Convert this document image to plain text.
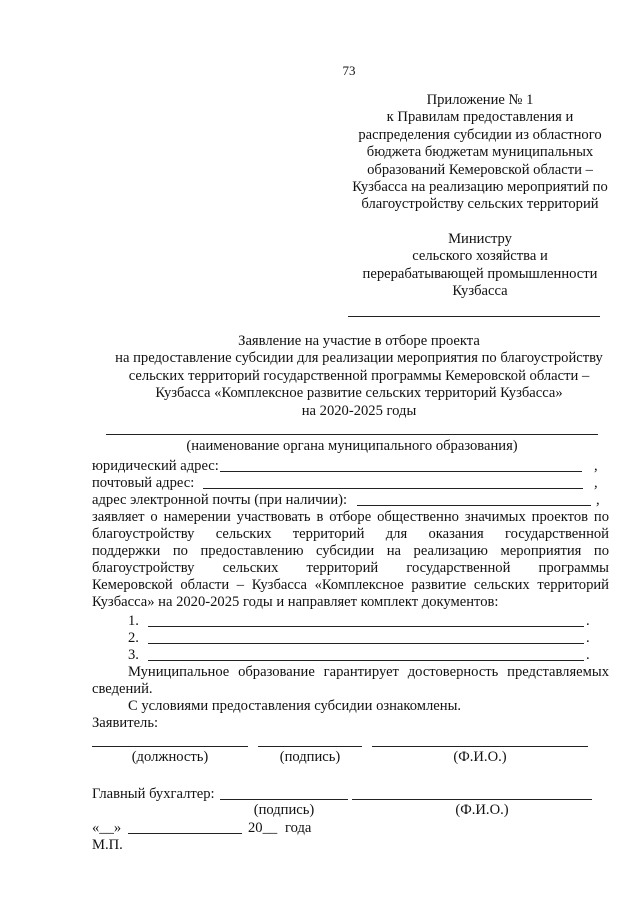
73
Приложение № 1
к Правилам предоставления и
распределения субсидии из областного
бюджета бюджетам муниципальных
образований Кемеровской области –
Кузбасса на реализацию мероприятий по
благоустройству сельских территорий
Министру
сельского хозяйства и
перерабатывающей промышленности
Кузбасса
Заявление на участие в отборе проекта
на предоставление субсидии для реализации мероприятия по благоустройству
сельских территорий государственной программы Кемеровской области –
Кузбасса «Комплексное развитие сельских территорий Кузбасса»
на 2020-2025 годы
(наименование органа муниципального образования)
юридический адрес:	,
почтовый адрес:	,
адрес электронной почты (при наличии):	,
заявляет о намерении участвовать в отборе общественно значимых проектов по
благоустройству сельских территорий для оказания государственной
поддержки по предоставлению субсидии на реализацию мероприятия по
благоустройству сельских территорий государственной программы
Кемеровской области – Кузбасса «Комплексное развитие сельских территорий
Кузбасса» на 2020-2025 годы и направляет комплект документов:
1.	.
2.	.
3.	.
Муниципальное образование гарантирует достоверность представляемых
сведений.
С условиями предоставления субсидии ознакомлены.
Заявитель:
(должность)	(подпись)	(Ф.И.О.)
Главный бухгалтер:
(подпись)	(Ф.И.О.)
«__»	20__ года
М.П.
